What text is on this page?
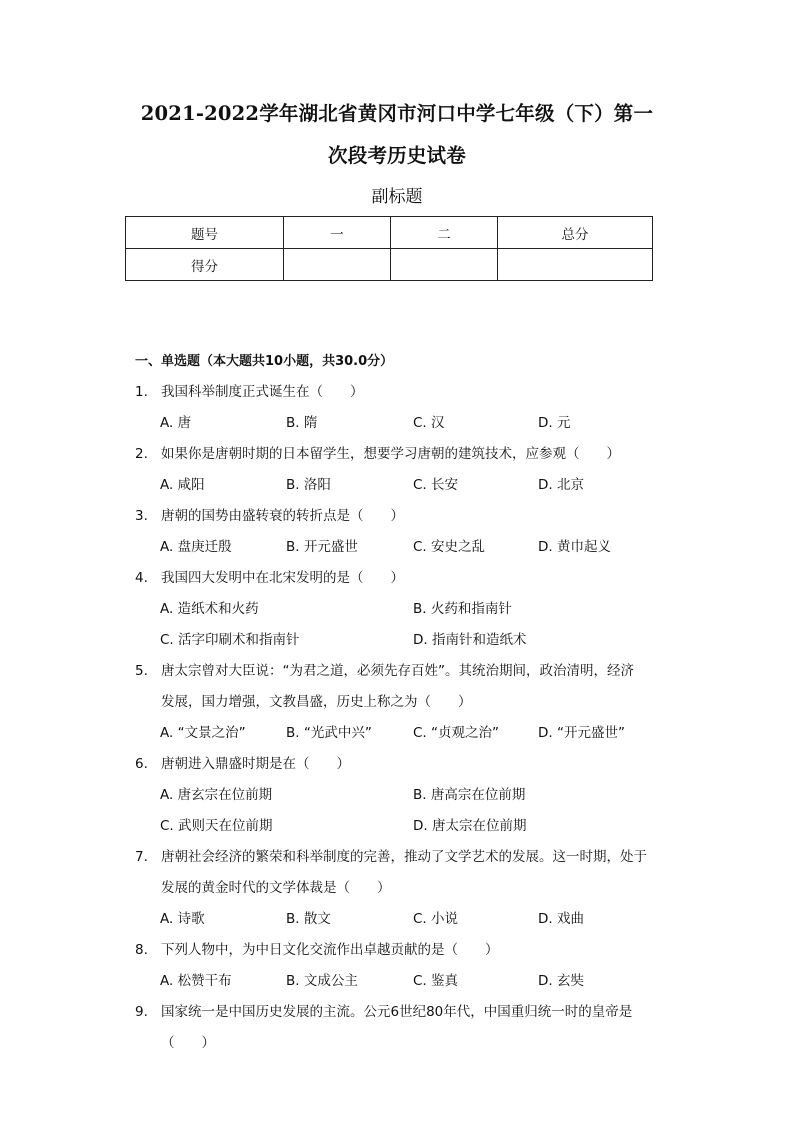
2021-2022学年湖北省黄冈市河口中学七年级（下）第一
次段考历史试卷
副标题
题号	一	二	总分
得分			
一、单选题（本大题共10小题，共30.0分）
1. 我国科举制度正式诞生在（　　）
A. 唐	B. 隋	C. 汉	D. 元
2. 如果你是唐朝时期的日本留学生，想要学习唐朝的建筑技术，应参观（　　）
A. 咸阳	B. 洛阳	C. 长安	D. 北京
3. 唐朝的国势由盛转衰的转折点是（　　）
A. 盘庚迁殷	B. 开元盛世	C. 安史之乱	D. 黄巾起义
4. 我国四大发明中在北宋发明的是（　　）
A. 造纸术和火药	B. 火药和指南针
C. 活字印刷术和指南针	D. 指南针和造纸术
5. 唐太宗曾对大臣说：“为君之道，必须先存百姓”。其统治期间，政治清明，经济
发展，国力增强，文教昌盛，历史上称之为（　　）
A. “文景之治”	B. “光武中兴”	C. “贞观之治”	D. “开元盛世”
6. 唐朝进入鼎盛时期是在（　　）
A. 唐玄宗在位前期	B. 唐高宗在位前期
C. 武则天在位前期	D. 唐太宗在位前期
7. 唐朝社会经济的繁荣和科举制度的完善，推动了文学艺术的发展。这一时期，处于
发展的黄金时代的文学体裁是（　　）
A. 诗歌	B. 散文	C. 小说	D. 戏曲
8. 下列人物中，为中日文化交流作出卓越贡献的是（　　）
A. 松赞干布	B. 文成公主	C. 鉴真	D. 玄奘
9. 国家统一是中国历史发展的主流。公元6世纪80年代，中国重归统一时的皇帝是
（　　）
